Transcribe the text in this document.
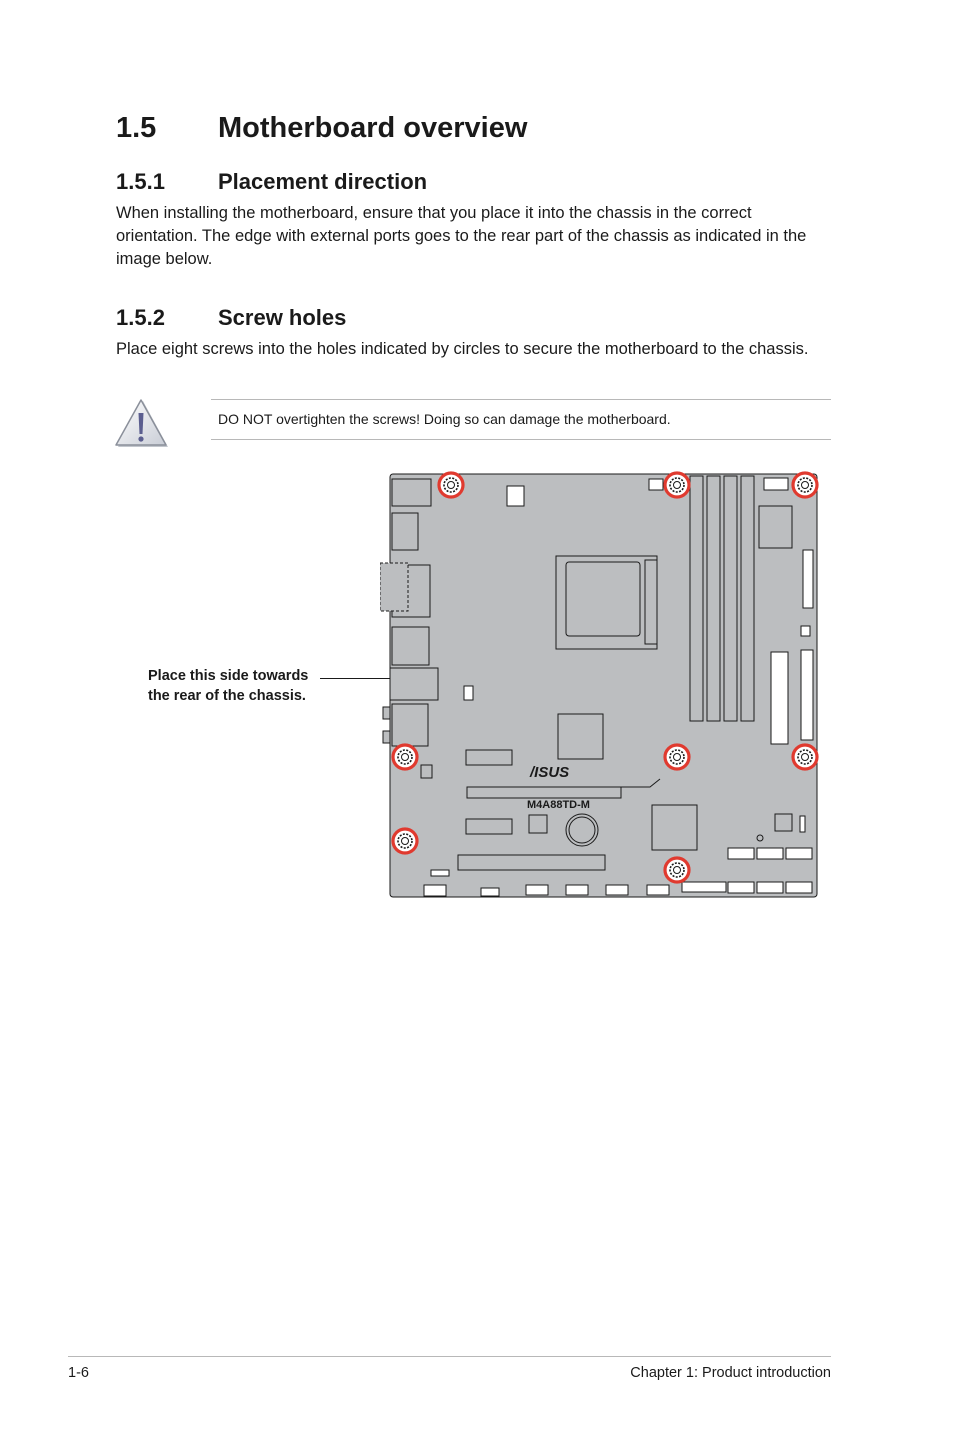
1.5 Motherboard overview
1.5.1 Placement direction

When installing the motherboard, ensure that you place it into the chassis in the correct orientation. The edge with external ports goes to the rear part of the chassis as indicated in the image below.

1.5.2 Screw holes

Place eight screws into the holes indicated by circles to secure the motherboard to the chassis.

DO NOT overtighten the screws! Doing so can damage the motherboard.
Place this side towards
the rear of the chassis.
/ISUS
M4A88TD-M
1-6	Chapter 1: Product introduction
